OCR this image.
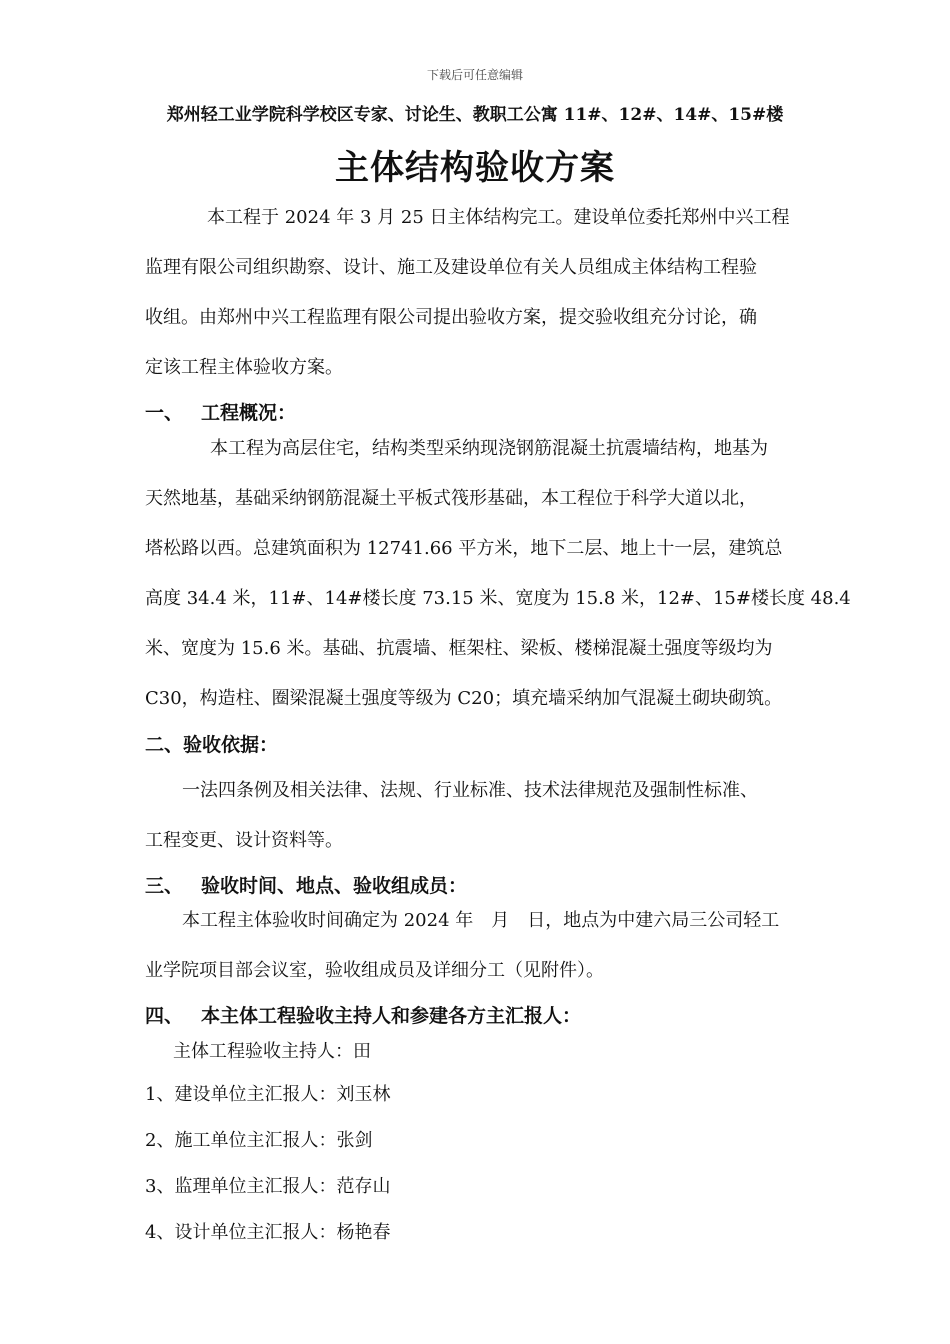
下载后可任意编辑
郑州轻工业学院科学校区专家、讨论生、教职工公寓 11#、12#、14#、15#楼
主体结构验收方案
本工程于 2024 年 3 月 25 日主体结构完工。建设单位委托郑州中兴工程
监理有限公司组织勘察、设计、施工及建设单位有关人员组成主体结构工程验
收组。由郑州中兴工程监理有限公司提出验收方案，提交验收组充分讨论，确
定该工程主体验收方案。
一、 工程概况：
本工程为高层住宅，结构类型采纳现浇钢筋混凝土抗震墙结构，地基为
天然地基，基础采纳钢筋混凝土平板式筏形基础，本工程位于科学大道以北，
塔松路以西。总建筑面积为 12741.66 平方米，地下二层、地上十一层，建筑总
高度 34.4 米，11#、14#楼长度 73.15 米、宽度为 15.8 米，12#、15#楼长度 48.4
米、宽度为 15.6 米。基础、抗震墙、框架柱、梁板、楼梯混凝土强度等级均为
C30，构造柱、圈梁混凝土强度等级为 C20；填充墙采纳加气混凝土砌块砌筑。
二、验收依据：
一法四条例及相关法律、法规、行业标准、技术法律规范及强制性标准、
工程变更、设计资料等。
三、 验收时间、地点、验收组成员：
本工程主体验收时间确定为 2024 年　月　日，地点为中建六局三公司轻工
业学院项目部会议室，验收组成员及详细分工（见附件）。
四、 本主体工程验收主持人和参建各方主汇报人：
主体工程验收主持人：田
1、建设单位主汇报人：刘玉林
2、施工单位主汇报人：张剑
3、监理单位主汇报人：范存山
4、设计单位主汇报人：杨艳春
